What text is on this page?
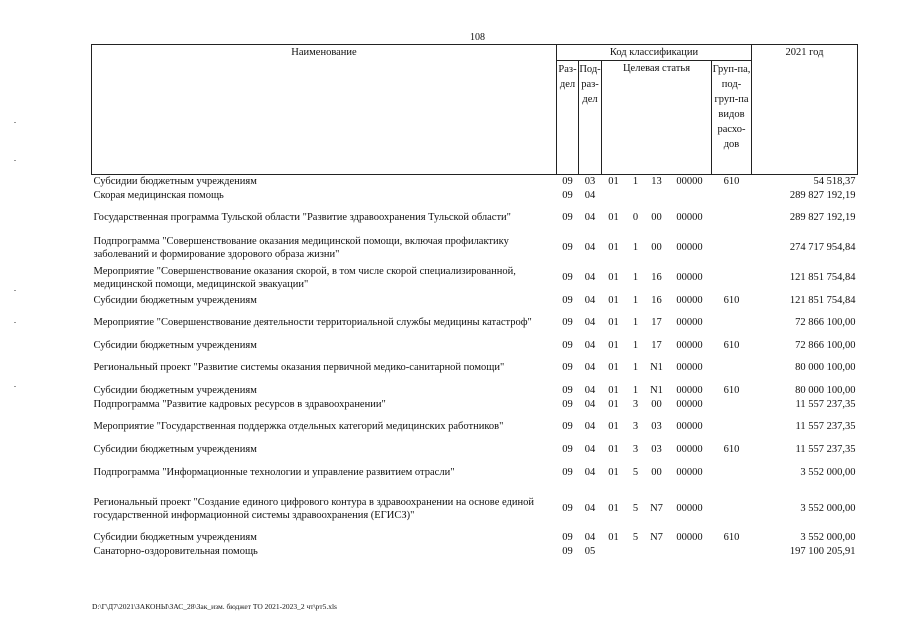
108
Наименование	Код классификации							2021 год
	Раз-дел	Под-раз-дел	Целевая статья				Груп-па, под-груп-па видов расхо-дов	
Субсидии бюджетным учреждениям	09	03	01	1	13	00000	610	54 518,37
Скорая медицинская помощь	09	04						289 827 192,19
Государственная программа Тульской области "Развитие здравоохранения Тульской области"	09	04	01	0	00	00000		289 827 192,19
Подпрограмма "Совершенствование оказания медицинской помощи, включая профилактику заболеваний и формирование здорового образа жизни"	09	04	01	1	00	00000		274 717 954,84
Мероприятие "Совершенствование оказания скорой, в том числе скорой специализированной, медицинской помощи, медицинской эвакуации"	09	04	01	1	16	00000		121 851 754,84
Субсидии бюджетным учреждениям	09	04	01	1	16	00000	610	121 851 754,84
Мероприятие "Совершенствование деятельности территориальной службы медицины катастроф"	09	04	01	1	17	00000		72 866 100,00
Субсидии бюджетным учреждениям	09	04	01	1	17	00000	610	72 866 100,00
Региональный проект "Развитие системы оказания первичной медико-санитарной помощи"	09	04	01	1	N1	00000		80 000 100,00
Субсидии бюджетным учреждениям	09	04	01	1	N1	00000	610	80 000 100,00
Подпрограмма "Развитие кадровых ресурсов в здравоохранении"	09	04	01	3	00	00000		11 557 237,35
Мероприятие "Государственная поддержка отдельных категорий медицинских работников"	09	04	01	3	03	00000		11 557 237,35
Субсидии бюджетным учреждениям	09	04	01	3	03	00000	610	11 557 237,35
Подпрограмма "Информационные технологии и управление развитием отрасли"	09	04	01	5	00	00000		3 552 000,00
Региональный проект "Создание единого цифрового контура в здравоохранении на основе единой государственной информационной системы здравоохранения (ЕГИСЗ)"	09	04	01	5	N7	00000		3 552 000,00
Субсидии бюджетным учреждениям	09	04	01	5	N7	00000	610	3 552 000,00
Санаторно-оздоровительная помощь	09	05						197 100 205,91
D:\Г\Д7\2021\ЗАКОНЫ\ЗАС_28\Зак_изм. бюджет ТО 2021-2023_2 чт\рт5.xls
